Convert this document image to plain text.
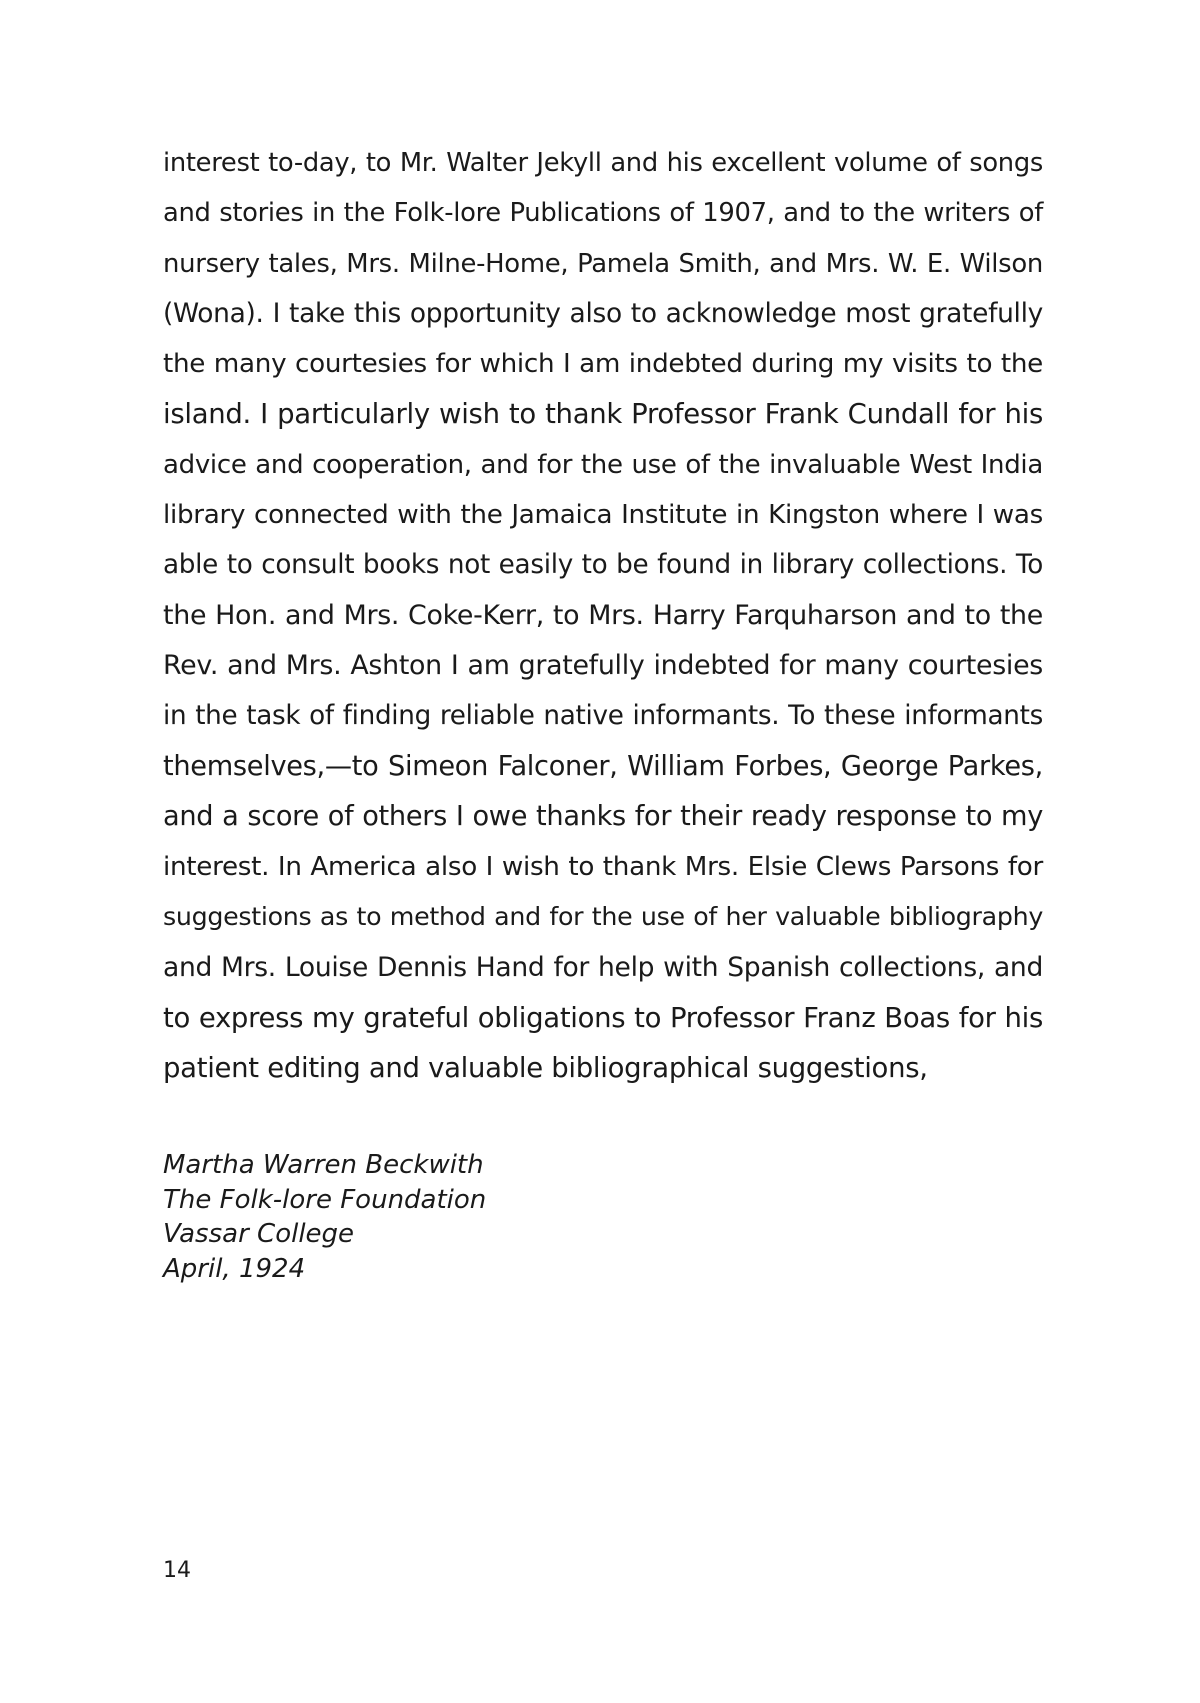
interest to-day, to Mr. Walter Jekyll and his excellent volume of songs
and stories in the Folk-lore Publications of 1907, and to the writers of
nursery tales, Mrs. Milne-Home, Pamela Smith, and Mrs. W. E. Wilson
(Wona). I take this opportunity also to acknowledge most gratefully
the many courtesies for which I am indebted during my visits to the
island. I particularly wish to thank Professor Frank Cundall for his
advice and cooperation, and for the use of the invaluable West India
library connected with the Jamaica Institute in Kingston where I was
able to consult books not easily to be found in library collections. To
the Hon. and Mrs. Coke-Kerr, to Mrs. Harry Farquharson and to the
Rev. and Mrs. Ashton I am gratefully indebted for many courtesies
in the task of finding reliable native informants. To these informants
themselves,—to Simeon Falconer, William Forbes, George Parkes,
and a score of others I owe thanks for their ready response to my
interest. In America also I wish to thank Mrs. Elsie Clews Parsons for
suggestions as to method and for the use of her valuable bibliography
and Mrs. Louise Dennis Hand for help with Spanish collections, and
to express my grateful obligations to Professor Franz Boas for his
patient editing and valuable bibliographical suggestions,
Martha Warren Beckwith
The Folk-lore Foundation
Vassar College
April, 1924
14
